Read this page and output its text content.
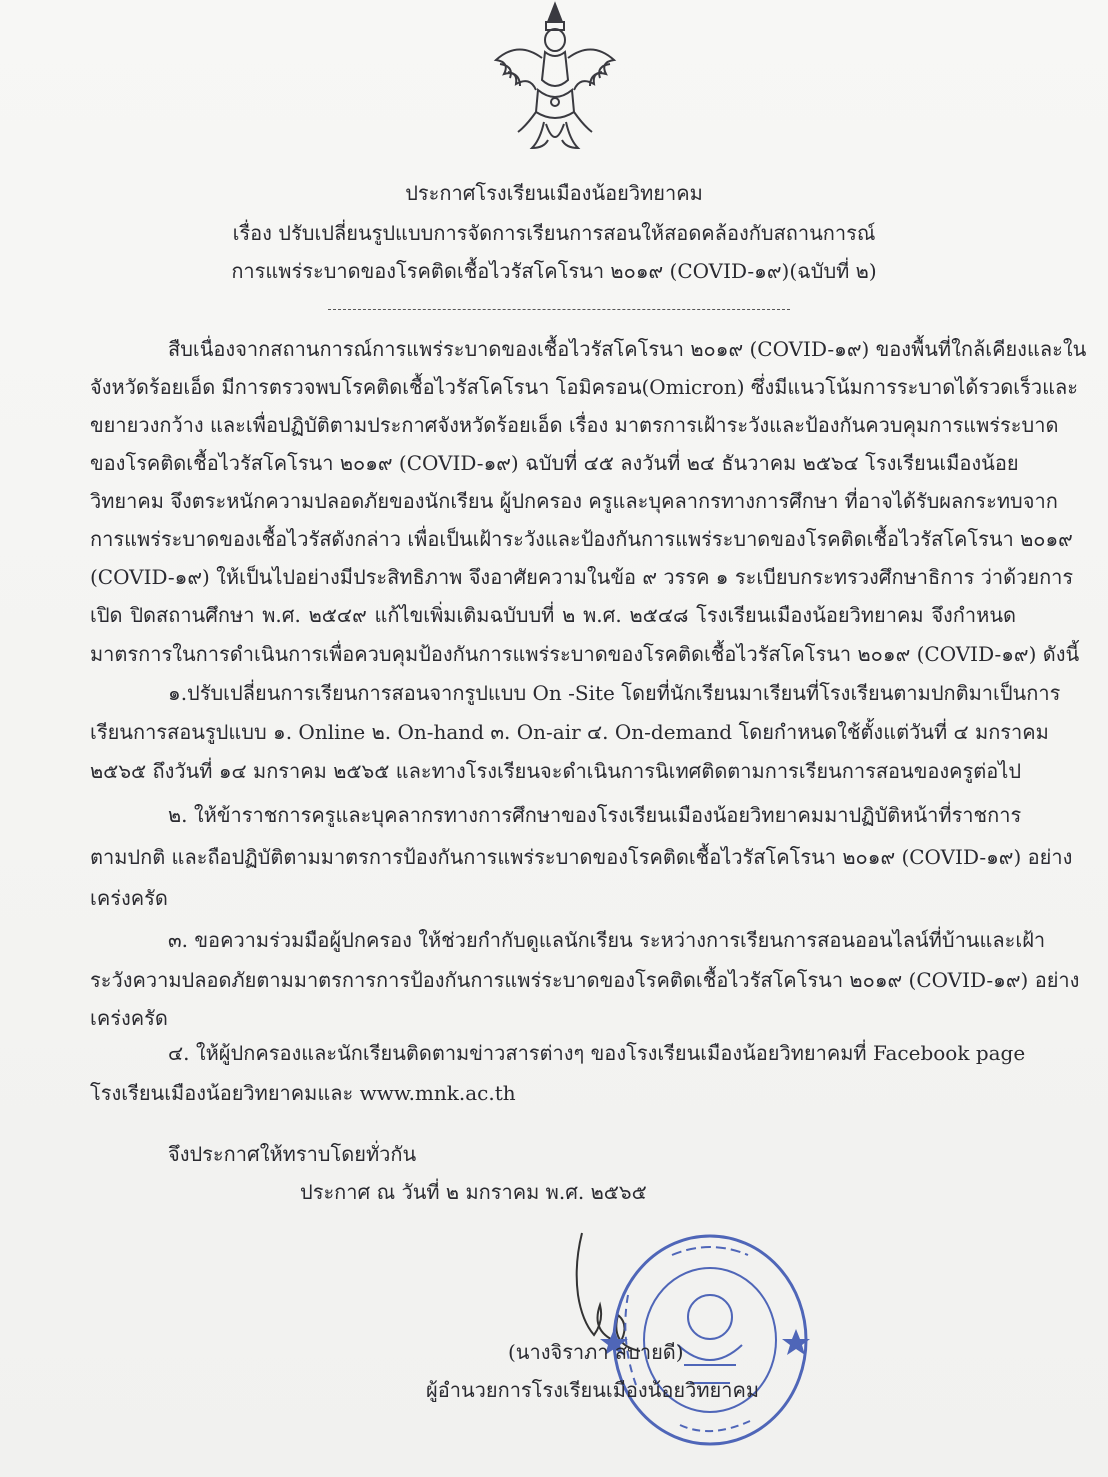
ประกาศโรงเรียนเมืองน้อยวิทยาคม
เรื่อง ปรับเปลี่ยนรูปแบบการจัดการเรียนการสอนให้สอดคล้องกับสถานการณ์
การแพร่ระบาดของโรคติดเชื้อไวรัสโคโรนา ๒๐๑๙ (COVID-๑๙)(ฉบับที่ ๒)
สืบเนื่องจากสถานการณ์การแพร่ระบาดของเชื้อไวรัสโคโรนา ๒๐๑๙ (COVID-๑๙) ของพื้นที่ใกล้เคียงและใน
จังหวัดร้อยเอ็ด มีการตรวจพบโรคติดเชื้อไวรัสโคโรนา โอมิครอน(Omicron) ซึ่งมีแนวโน้มการระบาดได้รวดเร็วและ
ขยายวงกว้าง และเพื่อปฏิบัติตามประกาศจังหวัดร้อยเอ็ด เรื่อง มาตรการเฝ้าระวังและป้องกันควบคุมการแพร่ระบาด
ของโรคติดเชื้อไวรัสโคโรนา ๒๐๑๙ (COVID-๑๙) ฉบับที่ ๔๕ ลงวันที่ ๒๔ ธันวาคม ๒๕๖๔ โรงเรียนเมืองน้อย
วิทยาคม จึงตระหนักความปลอดภัยของนักเรียน ผู้ปกครอง ครูและบุคลากรทางการศึกษา ที่อาจได้รับผลกระทบจาก
การแพร่ระบาดของเชื้อไวรัสดังกล่าว เพื่อเป็นเฝ้าระวังและป้องกันการแพร่ระบาดของโรคติดเชื้อไวรัสโคโรนา ๒๐๑๙
(COVID-๑๙) ให้เป็นไปอย่างมีประสิทธิภาพ จึงอาศัยความในข้อ ๙ วรรค ๑ ระเบียบกระทรวงศึกษาธิการ ว่าด้วยการ
เปิด ปิดสถานศึกษา พ.ศ. ๒๕๔๙ แก้ไขเพิ่มเติมฉบับบที่ ๒ พ.ศ. ๒๕๔๘ โรงเรียนเมืองน้อยวิทยาคม จึงกำหนด
มาตรการในการดำเนินการเพื่อควบคุมป้องกันการแพร่ระบาดของโรคติดเชื้อไวรัสโคโรนา ๒๐๑๙ (COVID-๑๙) ดังนี้
๑.ปรับเปลี่ยนการเรียนการสอนจากรูปแบบ On -Site โดยที่นักเรียนมาเรียนที่โรงเรียนตามปกติมาเป็นการ
เรียนการสอนรูปแบบ ๑. Online ๒. On-hand ๓. On-air ๔. On-demand โดยกำหนดใช้ตั้งแต่วันที่ ๔ มกราคม
๒๕๖๕ ถึงวันที่ ๑๔ มกราคม ๒๕๖๕ และทางโรงเรียนจะดำเนินการนิเทศติดตามการเรียนการสอนของครูต่อไป
๒. ให้ข้าราชการครูและบุคลากรทางการศึกษาของโรงเรียนเมืองน้อยวิทยาคมมาปฏิบัติหน้าที่ราชการ
ตามปกติ และถือปฏิบัติตามมาตรการป้องกันการแพร่ระบาดของโรคติดเชื้อไวรัสโคโรนา ๒๐๑๙ (COVID-๑๙) อย่าง
เคร่งครัด
๓. ขอความร่วมมือผู้ปกครอง ให้ช่วยกำกับดูแลนักเรียน ระหว่างการเรียนการสอนออนไลน์ที่บ้านและเฝ้า
ระวังความปลอดภัยตามมาตรการการป้องกันการแพร่ระบาดของโรคติดเชื้อไวรัสโคโรนา ๒๐๑๙ (COVID-๑๙) อย่าง
เคร่งครัด
๔. ให้ผู้ปกครองและนักเรียนติดตามข่าวสารต่างๆ ของโรงเรียนเมืองน้อยวิทยาคมที่ Facebook page
โรงเรียนเมืองน้อยวิทยาคมและ www.mnk.ac.th
จึงประกาศให้ทราบโดยทั่วกัน
ประกาศ ณ วันที่ ๒ มกราคม พ.ศ. ๒๕๖๕
(นางจิราภา สบายดี)
ผู้อำนวยการโรงเรียนเมืองน้อยวิทยาคม
